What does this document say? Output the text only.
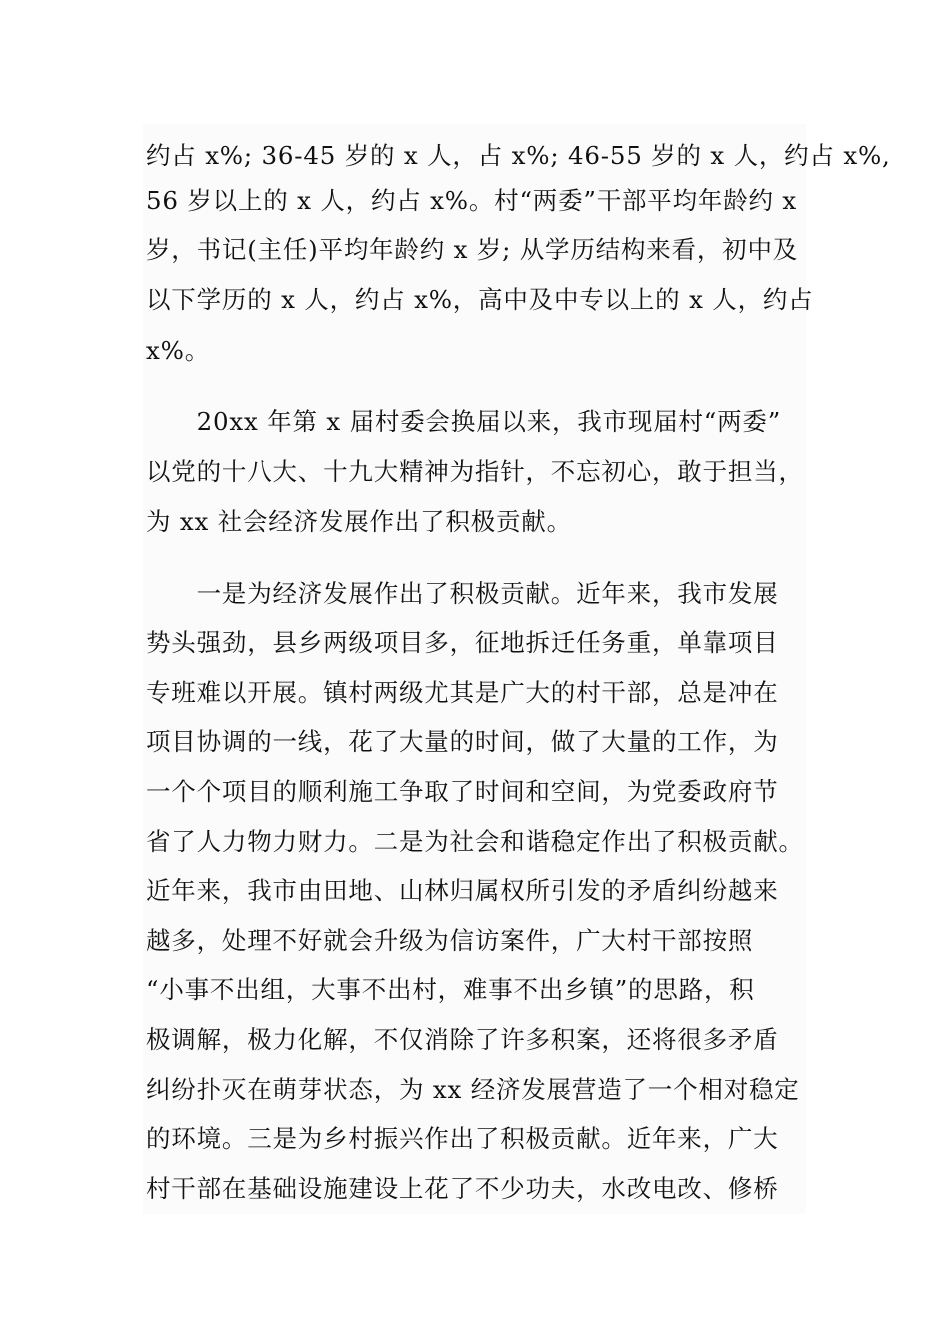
约占 x%; 36-45 岁的 x 人，占 x%; 46-55 岁的 x 人，约占 x%,
56 岁以上的 x 人，约占 x%。村“两委”干部平均年龄约 x
岁，书记(主任)平均年龄约 x 岁; 从学历结构来看，初中及
以下学历的 x 人，约占 x%，高中及中专以上的 x 人，约占
x%。
　　20xx 年第 x 届村委会换届以来，我市现届村“两委”
以党的十八大、十九大精神为指针，不忘初心，敢于担当，
为 xx 社会经济发展作出了积极贡献。
　　一是为经济发展作出了积极贡献。近年来，我市发展
势头强劲，县乡两级项目多，征地拆迁任务重，单靠项目
专班难以开展。镇村两级尤其是广大的村干部，总是冲在
项目协调的一线，花了大量的时间，做了大量的工作，为
一个个项目的顺利施工争取了时间和空间，为党委政府节
省了人力物力财力。二是为社会和谐稳定作出了积极贡献。
近年来，我市由田地、山林归属权所引发的矛盾纠纷越来
越多，处理不好就会升级为信访案件，广大村干部按照
“小事不出组，大事不出村，难事不出乡镇”的思路，积
极调解，极力化解，不仅消除了许多积案，还将很多矛盾
纠纷扑灭在萌芽状态，为 xx 经济发展营造了一个相对稳定
的环境。三是为乡村振兴作出了积极贡献。近年来，广大
村干部在基础设施建设上花了不少功夫，水改电改、修桥
